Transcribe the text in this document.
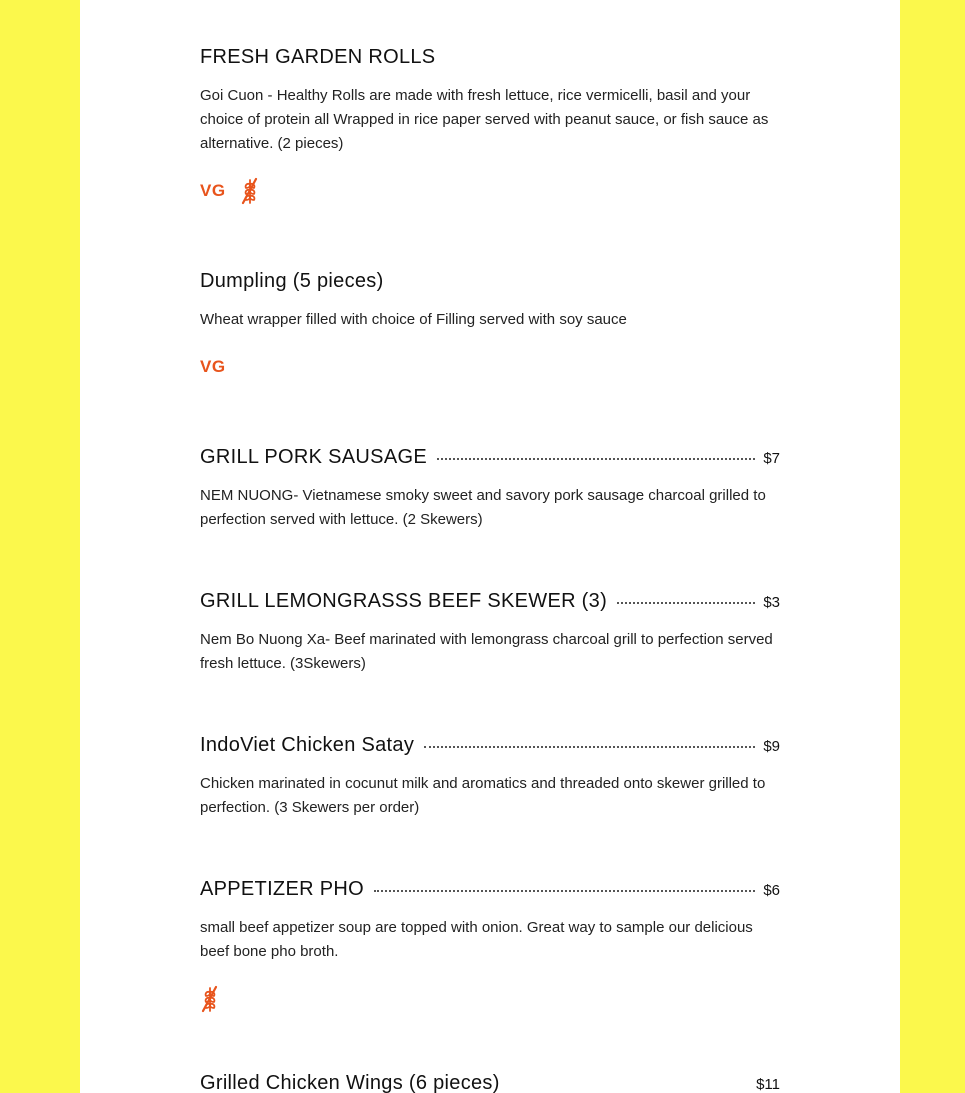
FRESH GARDEN ROLLS
Goi Cuon - Healthy Rolls are made with fresh lettuce, rice vermicelli, basil and your choice of protein all Wrapped in rice paper served with peanut sauce, or fish sauce as alternative. (2 pieces)
VG
Dumpling (5 pieces)
Wheat wrapper filled with choice of Filling served with soy sauce
VG
GRILL PORK SAUSAGE	$7
NEM NUONG- Vietnamese smoky sweet and savory pork sausage charcoal grilled to perfection served with lettuce. (2 Skewers)
GRILL LEMONGRASSS BEEF SKEWER (3)	$3
Nem Bo Nuong Xa- Beef marinated with lemongrass charcoal grill to perfection served fresh lettuce. (3Skewers)
IndoViet Chicken Satay	$9
Chicken marinated in cocunut milk and aromatics and threaded onto skewer grilled to perfection. (3 Skewers per order)
APPETIZER PHO	$6
small beef appetizer soup are topped with onion. Great way to sample our delicious beef bone pho broth.
Grilled Chicken Wings (6 pieces)	$11
